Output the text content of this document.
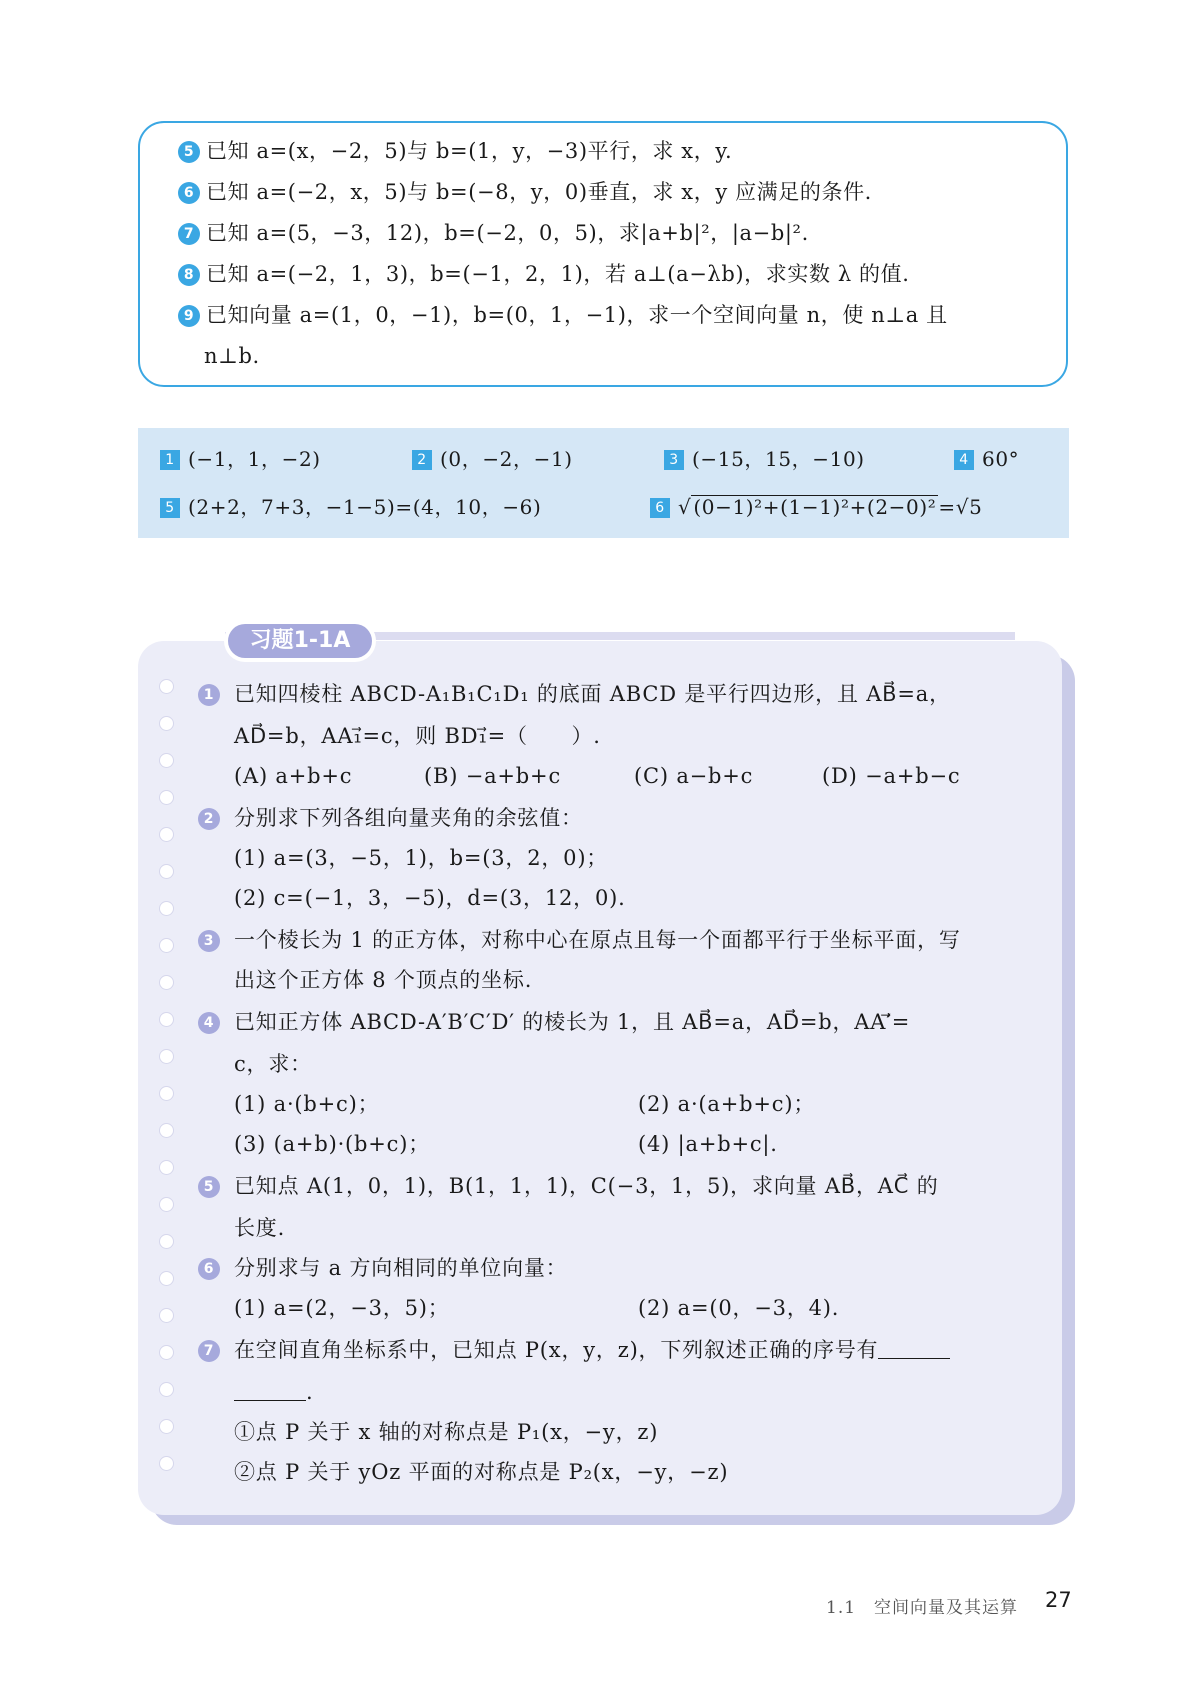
5 已知 a=(x，−2，5)与 b=(1，y，−3)平行，求 x，y.
6 已知 a=(−2，x，5)与 b=(−8，y，0)垂直，求 x，y 应满足的条件.
7 已知 a=(5，−3，12)，b=(−2，0，5)，求|a+b|²，|a−b|².
8 已知 a=(−2，1，3)，b=(−1，2，1)，若 a⊥(a−λb)，求实数 λ 的值.
9 已知向量 a=(1，0，−1)，b=(0，1，−1)，求一个空间向量 n，使 n⊥a 且
n⊥b.
1 (−1，1，−2)	2 (0，−2，−1)	3 (−15，15，−10)	4 60°
5 (2+2，7+3，−1−5)=(4，10，−6)	6 √ (0−1)²+(1−1)²+(2−0)² =√5
习题1-1A
1 已知四棱柱 ABCD-A₁B₁C₁D₁ 的底面 ABCD 是平行四边形，且 AB⃗=a，
AD⃗=b，AA₁⃗=c，则 BD₁⃗=（　　）.
(A) a+b+c	(B) −a+b+c	(C) a−b+c	(D) −a+b−c
2 分别求下列各组向量夹角的余弦值：
(1) a=(3，−5，1)，b=(3，2，0)；
(2) c=(−1，3，−5)，d=(3，12，0).
3 一个棱长为 1 的正方体，对称中心在原点且每一个面都平行于坐标平面，写
出这个正方体 8 个顶点的坐标.
4 已知正方体 ABCD-A′B′C′D′ 的棱长为 1，且 AB⃗=a，AD⃗=b，AA′⃗=
c，求：
(1) a·(b+c)；	(2) a·(a+b+c)；
(3) (a+b)·(b+c)；	(4) |a+b+c|.
5 已知点 A(1，0，1)，B(1，1，1)，C(−3，1，5)，求向量 AB⃗，AC⃗ 的
长度.
6 分别求与 a 方向相同的单位向量：
(1) a=(2，−3，5)；	(2) a=(0，−3，4).
7 在空间直角坐标系中，已知点 P(x，y，z)，下列叙述正确的序号有
.
①点 P 关于 x 轴的对称点是 P₁(x，−y，z)
②点 P 关于 yOz 平面的对称点是 P₂(x，−y，−z)
1.1　空间向量及其运算 27
